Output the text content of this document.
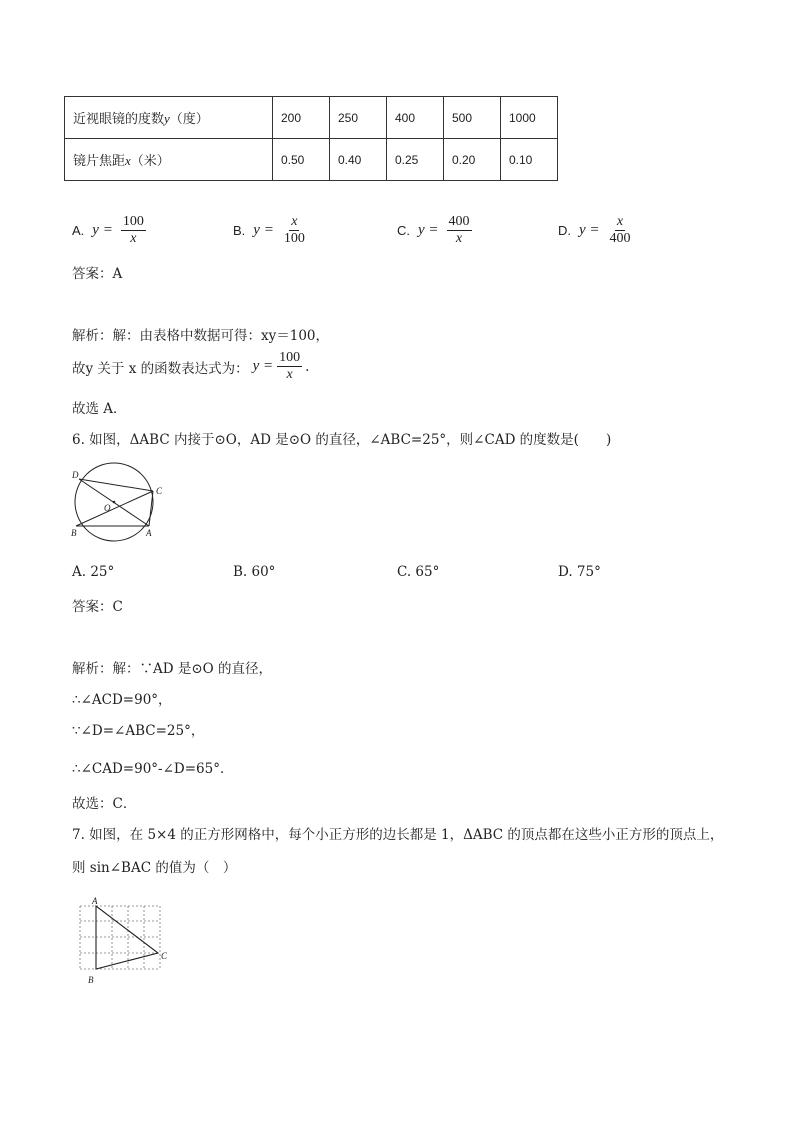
近视眼镜的度数y（度）	200	250	400	500	1000
镜片焦距x（米）	0.50	0.40	0.25	0.20	0.10
A. $y = \frac{100}{x}$	B. $y = \frac{x}{100}$	C. $y = \frac{400}{x}$	D. $y = \frac{x}{400}$
答案：A
解析：解：由表格中数据可得：xy＝100，
故y 关于 x 的函数表达式为： $y = \frac{100}{x}$ .
故选 A．
6. 如图，ΔABC 内接于⊙O，AD 是⊙O 的直径，∠ABC=25°，则∠CAD 的度数是(　　)
D
C
O
B	A
A. 25°	B. 60°	C. 65°	D. 75°
答案：C
解析：解：∵AD 是⊙O 的直径，
∴∠ACD=90°，
∵∠D=∠ABC=25°，
∴∠CAD=90°-∠D=65°．
故选：C．
7. 如图，在 5×4 的正方形网格中，每个小正方形的边长都是 1，ΔABC 的顶点都在这些小正方形的顶点上，
则 sin∠BAC 的值为（　）
A
B
C
